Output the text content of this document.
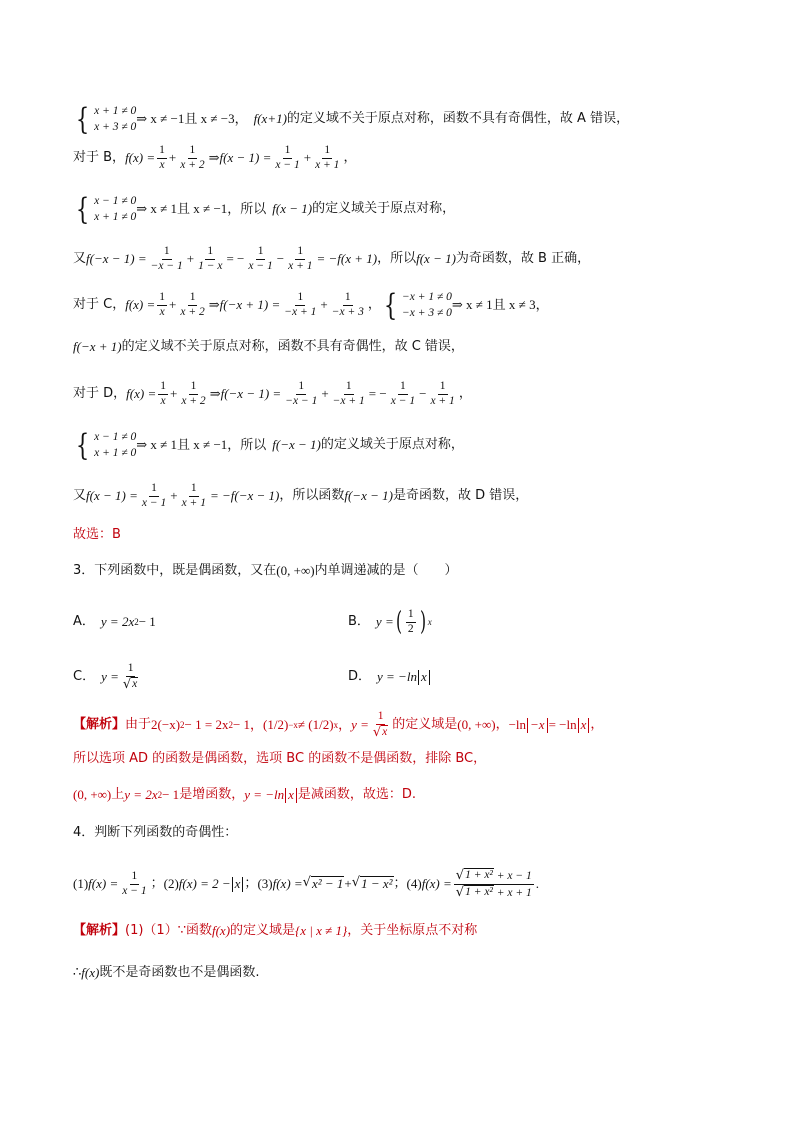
{ x + 1 ≠ 0
x + 3 ≠ 0
⇒ x ≠ −1且 x ≠ −3， f(x+1) 的定义域不关于原点对称，函数不具有奇偶性，故 A 错误，
对于 B， $f(x) = \frac{1}{x} + \frac{1}{x + 2}$ ⇒ $f(x - 1) = \frac{1}{x - 1} + \frac{1}{x + 1}$ ，
{ x − 1 ≠ 0
x + 1 ≠ 0
⇒ x ≠ 1且 x ≠ −1，所以 f(x − 1) 的定义域关于原点对称，
又 $f(-x - 1) = \frac{1}{-x - 1} + \frac{1}{1 - x}$ = − $\frac{1}{x - 1} - \frac{1}{x + 1} = -f(x + 1)$ ，所以 f(x − 1) 为奇函数，故 B 正确，
对于 C， $f(x) = \frac{1}{x} + \frac{1}{x + 2}$ ⇒ $f(-x + 1) = \frac{1}{-x + 1} + \frac{1}{-x + 3}$ ， { −x + 1 ≠ 0
−x + 3 ≠ 0
⇒ x ≠ 1且 x ≠ 3，
f(−x + 1) 的定义域不关于原点对称，函数不具有奇偶性，故 C 错误，
对于 D， $f(x) = \frac{1}{x} + \frac{1}{x + 2}$ ⇒ $f(-x - 1) = \frac{1}{-x - 1} + \frac{1}{-x + 1}$ = − $\frac{1}{x - 1} - \frac{1}{x + 1}$ ，
{ x − 1 ≠ 0
x + 1 ≠ 0
⇒ x ≠ 1且 x ≠ −1，所以 f(−x − 1) 的定义域关于原点对称，
又 $f(x - 1) = \frac{1}{x - 1} + \frac{1}{x + 1} = -f(-x - 1)$ ，所以函数 f(−x − 1) 是奇函数，故 D 错误，
故选：B
3．下列函数中，既是偶函数，又在 (0, +∞) 内单调递减的是（　　）
A． y = 2x 2 − 1	B． y = ( $\frac{1}{2}$ ) x
C． $y = \frac{1}{√ x}$	D． y = −ln x
【解析】 由于 2(−x) 2 − 1 = 2x 2 − 1， (1/2) −x ≠ (1/2) x ， $y = \frac{1}{√ x}$ 的定义域是 (0, +∞) ， −ln −x = −ln x ，
所以选项 AD 的函数是偶函数，选项 BC 的函数不是偶函数，排除 BC，
(0, +∞) 上 y = 2x 2 − 1 是增函数， y = −ln x 是减函数，故选：D.
4．判断下列函数的奇偶性：
(1) $f(x) = \frac{1}{x - 1}$ ； (2) f(x) = 2 − x ； (3) f(x) = √ x² − 1 + √ 1 − x² ； (4) $f(x) = \frac{\text{√ 1 + x² + x − 1}}{\text{√ 1 + x² + x + 1}}$ .
【解析】 (1)（1）∵函数 f(x) 的定义域是 {x | x ≠ 1} ，关于坐标原点不对称
∴ f(x) 既不是奇函数也不是偶函数.
